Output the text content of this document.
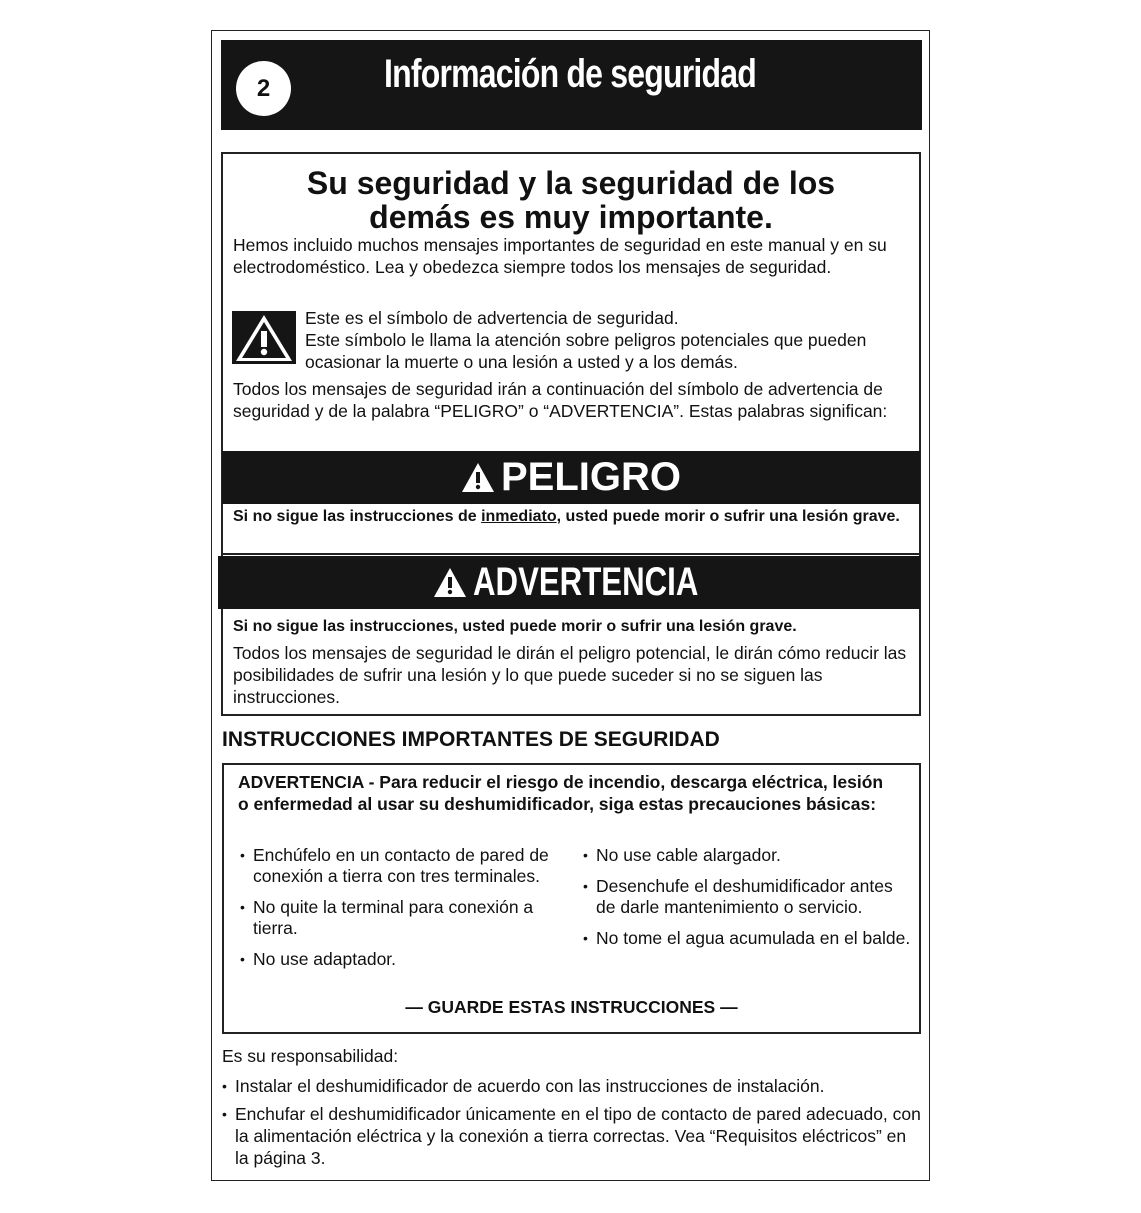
2	Información de seguridad
Su seguridad y la seguridad de los
demás es muy importante.
Hemos incluido muchos mensajes importantes de seguridad en este manual y en su electrodoméstico. Lea y obedezca siempre todos los mensajes de seguridad.
Este es el símbolo de advertencia de seguridad.
Este símbolo le llama la atención sobre peligros potenciales que pueden ocasionar la muerte o una lesión a usted y a los demás.
Todos los mensajes de seguridad irán a continuación del símbolo de advertencia de seguridad y de la palabra “PELIGRO” o “ADVERTENCIA”. Estas palabras significan:
PELIGRO
Si no sigue las instrucciones de inmediato, usted puede morir o sufrir una lesión grave.
ADVERTENCIA
Si no sigue las instrucciones, usted puede morir o sufrir una lesión grave.
Todos los mensajes de seguridad le dirán el peligro potencial, le dirán cómo reducir las posibilidades de sufrir una lesión y lo que puede suceder si no se siguen las instrucciones.
INSTRUCCIONES IMPORTANTES DE SEGURIDAD
ADVERTENCIA - Para reducir el riesgo de incendio, descarga eléctrica, lesión o enfermedad al usar su deshumidificador, siga estas precauciones básicas:
• Enchúfelo en un contacto de pared de conexión a tierra con tres terminales.
• No quite la terminal para conexión a tierra.
• No use adaptador.
• No use cable alargador.
• Desenchufe el deshumidificador antes de darle mantenimiento o servicio.
• No tome el agua acumulada en el balde.
— GUARDE ESTAS INSTRUCCIONES —
Es su responsabilidad:
• Instalar el deshumidificador de acuerdo con las instrucciones de instalación.
• Enchufar el deshumidificador únicamente en el tipo de contacto de pared adecuado, con la alimentación eléctrica y la conexión a tierra correctas. Vea “Requisitos eléctricos” en la página 3.
